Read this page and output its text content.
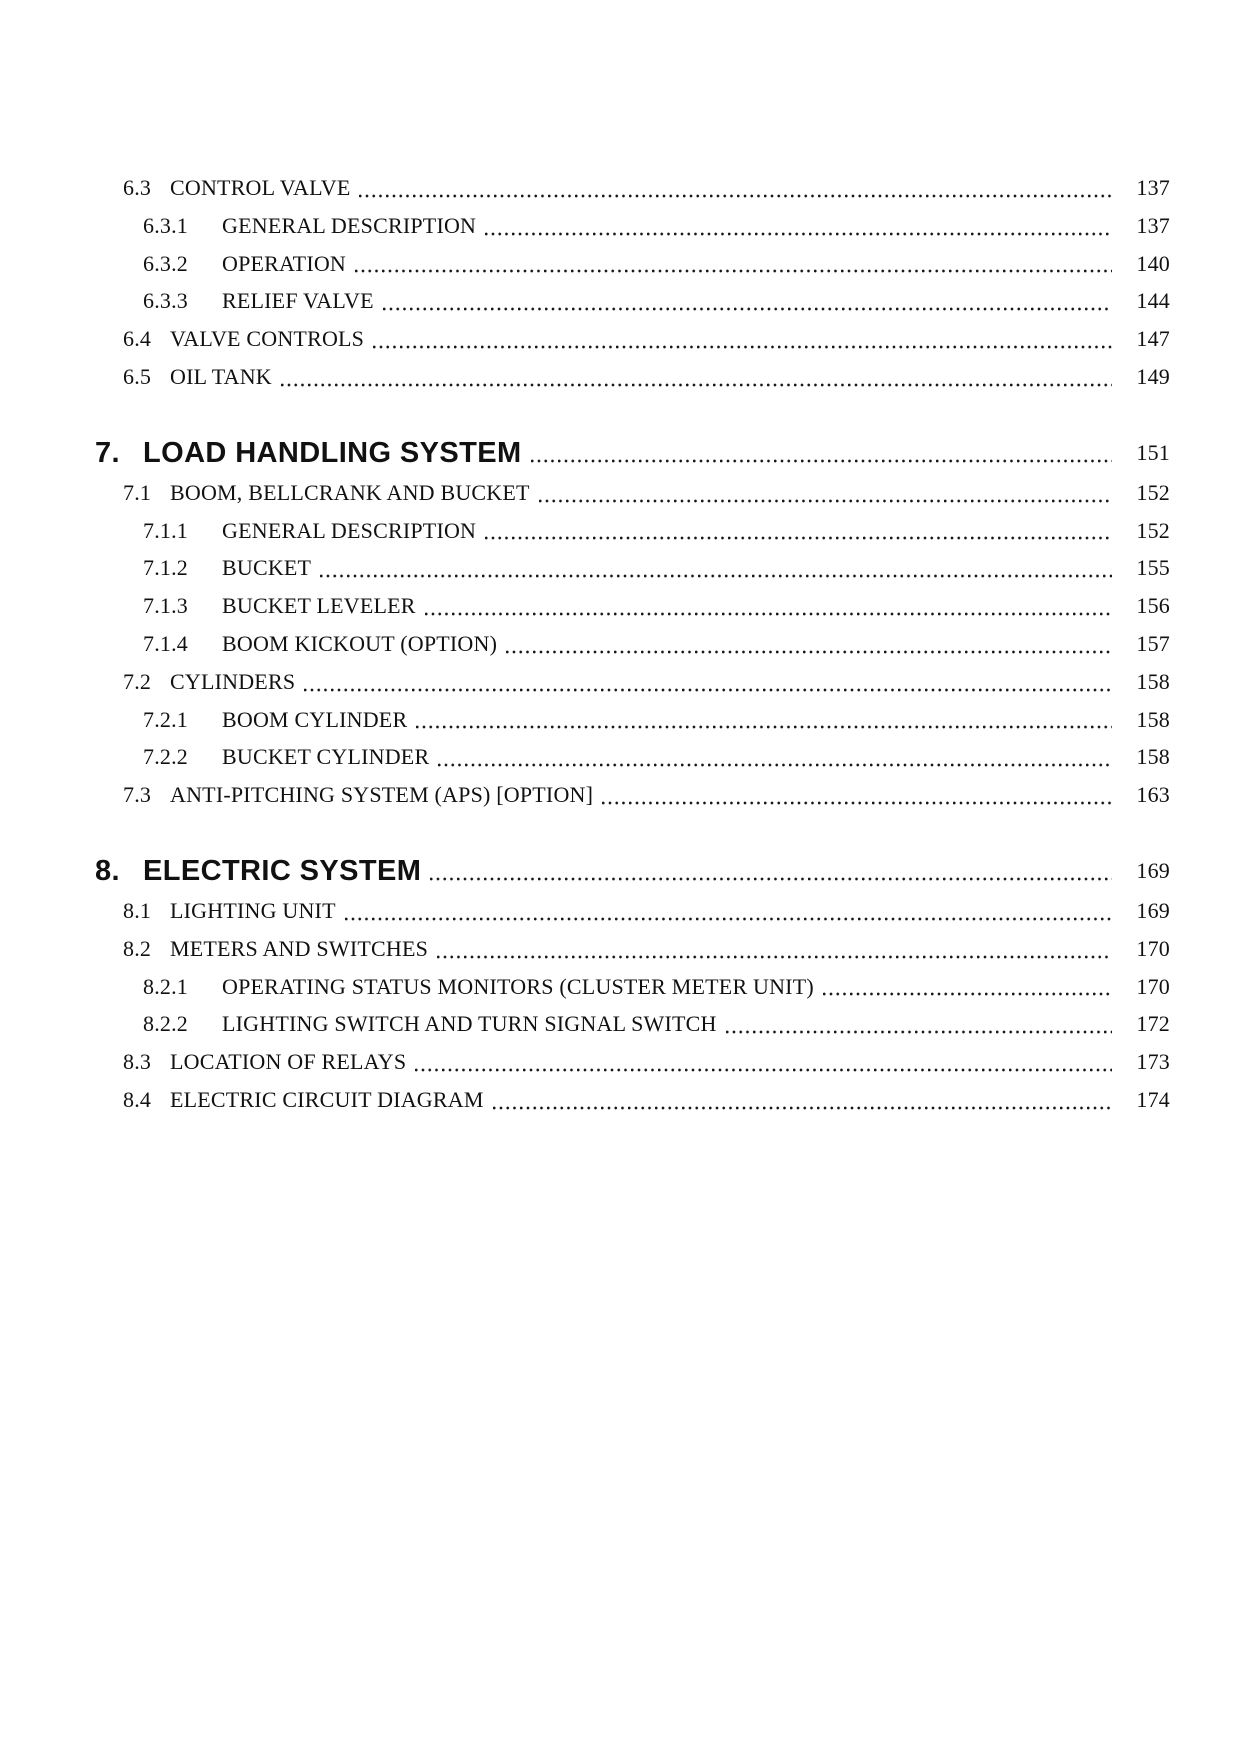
6.3 CONTROL VALVE	137
6.3.1	GENERAL DESCRIPTION	137
6.3.2	OPERATION	140
6.3.3	RELIEF VALVE	144
6.4 VALVE CONTROLS	147
6.5 OIL TANK	149
7. LOAD HANDLING SYSTEM	151
7.1 BOOM, BELLCRANK AND BUCKET	152
7.1.1	GENERAL DESCRIPTION	152
7.1.2	BUCKET	155
7.1.3	BUCKET LEVELER	156
7.1.4	BOOM KICKOUT (OPTION)	157
7.2 CYLINDERS	158
7.2.1	BOOM CYLINDER	158
7.2.2	BUCKET CYLINDER	158
7.3 ANTI-PITCHING SYSTEM (APS) [OPTION]	163
8. ELECTRIC SYSTEM	169
8.1 LIGHTING UNIT	169
8.2 METERS AND SWITCHES	170
8.2.1	OPERATING STATUS MONITORS (CLUSTER METER UNIT)	170
8.2.2	LIGHTING SWITCH AND TURN SIGNAL SWITCH	172
8.3 LOCATION OF RELAYS	173
8.4 ELECTRIC CIRCUIT DIAGRAM	174
